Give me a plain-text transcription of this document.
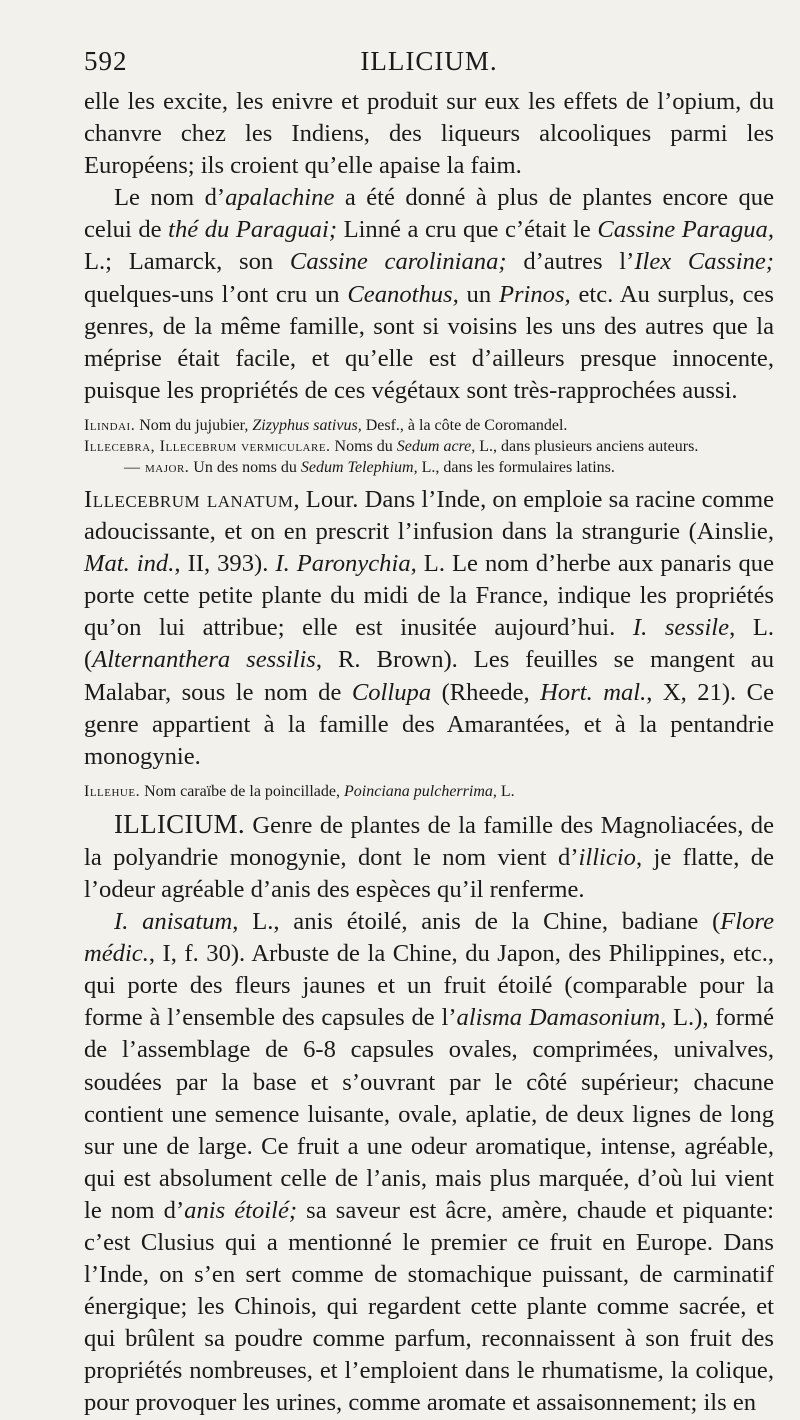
592	ILLICIUM.

elle les excite, les enivre et produit sur eux les effets de l’opium, du chanvre chez les Indiens, des liqueurs alcooliques parmi les Européens; ils croient qu’elle apaise la faim.

Le nom d’apalachine a été donné à plus de plantes encore que celui de thé du Paraguai; Linné a cru que c’était le Cassine Paragua, L.; Lamarck, son Cassine caroliniana; d’autres l’Ilex Cassine; quelques-uns l’ont cru un Ceanothus, un Prinos, etc. Au surplus, ces genres, de la même famille, sont si voisins les uns des autres que la méprise était facile, et qu’elle est d’ailleurs presque innocente, puisque les propriétés de ces végétaux sont très-rapprochées aussi.

Ilindai. Nom du jujubier, Zizyphus sativus, Desf., à la côte de Coromandel.

Illecebra, Illecebrum vermiculare. Noms du Sedum acre, L., dans plusieurs anciens auteurs.

— major. Un des noms du Sedum Telephium, L., dans les formulaires latins.

Illecebrum lanatum, Lour. Dans l’Inde, on emploie sa racine comme adoucissante, et on en prescrit l’infusion dans la strangurie (Ainslie, Mat. ind., II, 393). I. Paronychia, L. Le nom d’herbe aux panaris que porte cette petite plante du midi de la France, indique les propriétés qu’on lui attribue; elle est inusitée aujourd’hui. I. sessile, L. (Alternanthera sessilis, R. Brown). Les feuilles se mangent au Malabar, sous le nom de Collupa (Rheede, Hort. mal., X, 21). Ce genre appartient à la famille des Amarantées, et à la pentandrie monogynie.

Illehue. Nom caraïbe de la poincillade, Poinciana pulcherrima, L.

ILLICIUM. Genre de plantes de la famille des Magnoliacées, de la polyandrie monogynie, dont le nom vient d’illicio, je flatte, de l’odeur agréable d’anis des espèces qu’il renferme.

I. anisatum, L., anis étoilé, anis de la Chine, badiane (Flore médic., I, f. 30). Arbuste de la Chine, du Japon, des Philippines, etc., qui porte des fleurs jaunes et un fruit étoilé (comparable pour la forme à l’ensemble des capsules de l’alisma Damasonium, L.), formé de l’assemblage de 6-8 capsules ovales, comprimées, univalves, soudées par la base et s’ouvrant par le côté supérieur; chacune contient une semence luisante, ovale, aplatie, de deux lignes de long sur une de large. Ce fruit a une odeur aromatique, intense, agréable, qui est absolument celle de l’anis, mais plus marquée, d’où lui vient le nom d’anis étoilé; sa saveur est âcre, amère, chaude et piquante: c’est Clusius qui a mentionné le premier ce fruit en Europe. Dans l’Inde, on s’en sert comme de stomachique puissant, de carminatif énergique; les Chinois, qui regardent cette plante comme sacrée, et qui brûlent sa poudre comme parfum, reconnaissent à son fruit des propriétés nombreuses, et l’emploient dans le rhumatisme, la colique, pour provoquer les urines, comme aromate et assaisonnement; ils en
